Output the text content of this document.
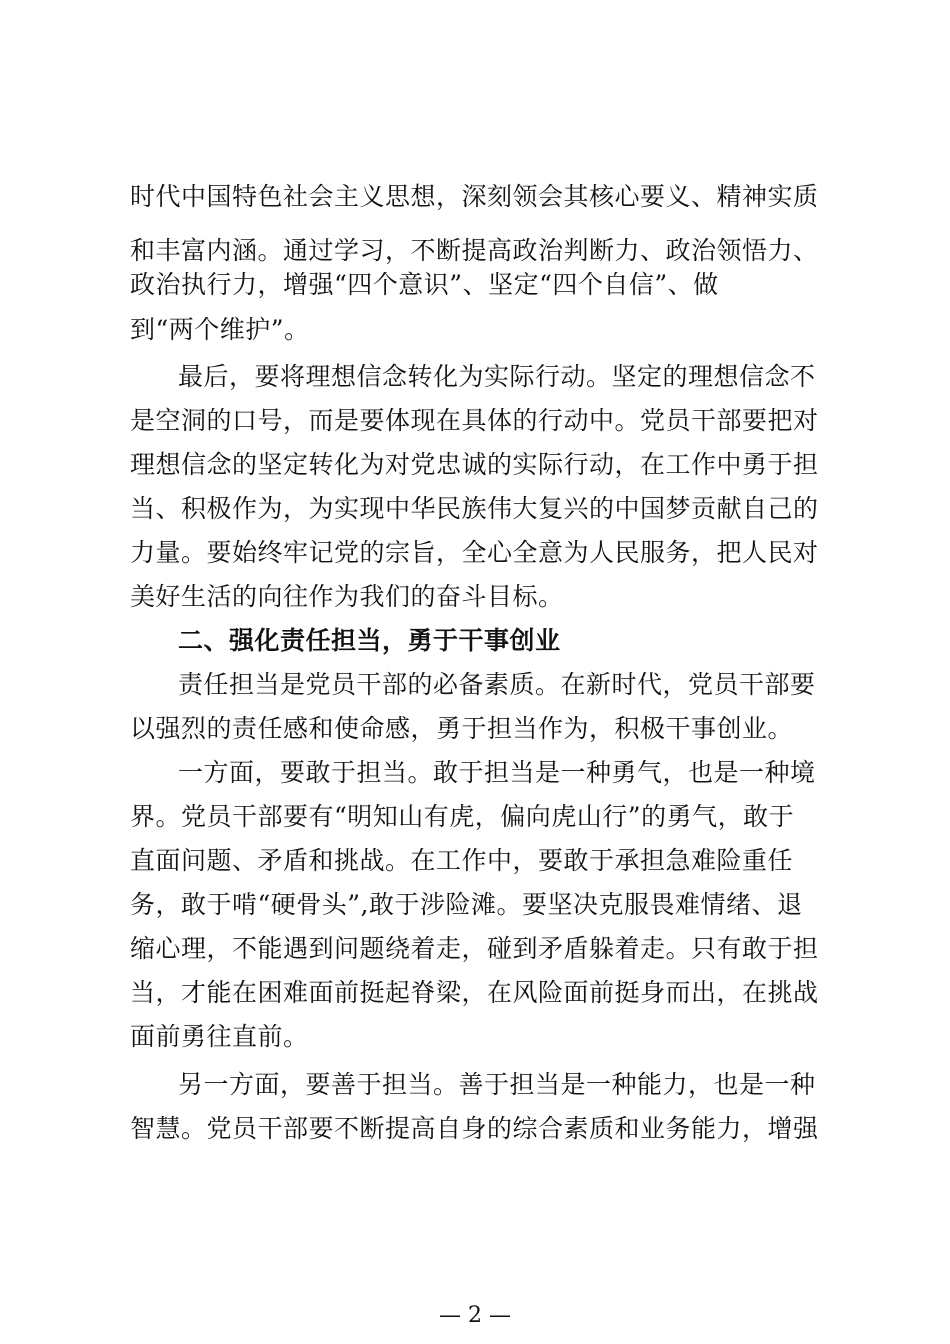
时代中国特色社会主义思想，深刻领会其核心要义、精神实质
和丰富内涵。通过学习，不断提高政治判断力、政治领悟力、
政治执行力，增强“四个意识”、坚定“四个自信”、做
到“两个维护”。
最后，要将理想信念转化为实际行动。坚定的理想信念不
是空洞的口号，而是要体现在具体的行动中。党员干部要把对
理想信念的坚定转化为对党忠诚的实际行动，在工作中勇于担
当、积极作为，为实现中华民族伟大复兴的中国梦贡献自己的
力量。要始终牢记党的宗旨，全心全意为人民服务，把人民对
美好生活的向往作为我们的奋斗目标。
二、强化责任担当，勇于干事创业
责任担当是党员干部的必备素质。在新时代，党员干部要
以强烈的责任感和使命感，勇于担当作为，积极干事创业。
一方面，要敢于担当。敢于担当是一种勇气，也是一种境
界。党员干部要有“明知山有虎，偏向虎山行”的勇气，敢于
直面问题、矛盾和挑战。在工作中，要敢于承担急难险重任
务，敢于啃“硬骨头”,敢于涉险滩。要坚决克服畏难情绪、退
缩心理，不能遇到问题绕着走，碰到矛盾躲着走。只有敢于担
当，才能在困难面前挺起脊梁，在风险面前挺身而出，在挑战
面前勇往直前。
另一方面，要善于担当。善于担当是一种能力，也是一种
智慧。党员干部要不断提高自身的综合素质和业务能力，增强
— 2 —
